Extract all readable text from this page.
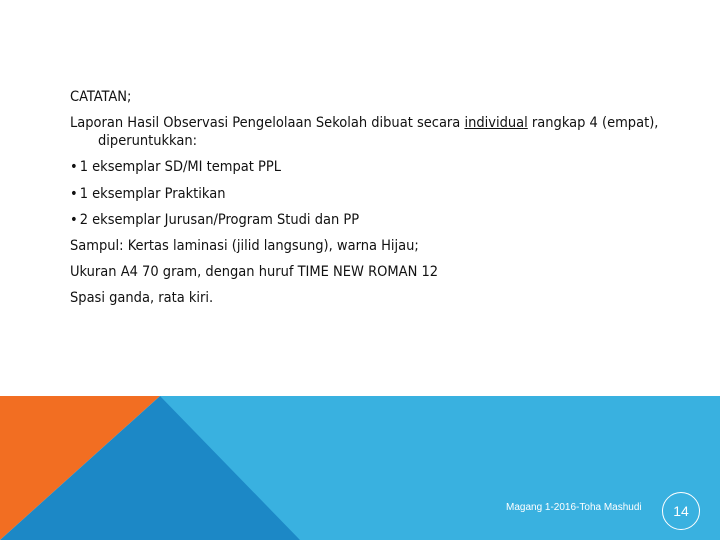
CATATAN;

Laporan Hasil Observasi Pengelolaan Sekolah dibuat secara individual rangkap 4 (empat), diperuntukkan:

• 1 eksemplar SD/MI tempat PPL

• 1 eksemplar Praktikan

• 2 eksemplar Jurusan/Program Studi dan PP

Sampul: Kertas laminasi (jilid langsung), warna Hijau;

Ukuran A4 70 gram, dengan huruf TIME NEW ROMAN 12

Spasi ganda, rata kiri.

Magang 1-2016-Toha Mashudi	14
